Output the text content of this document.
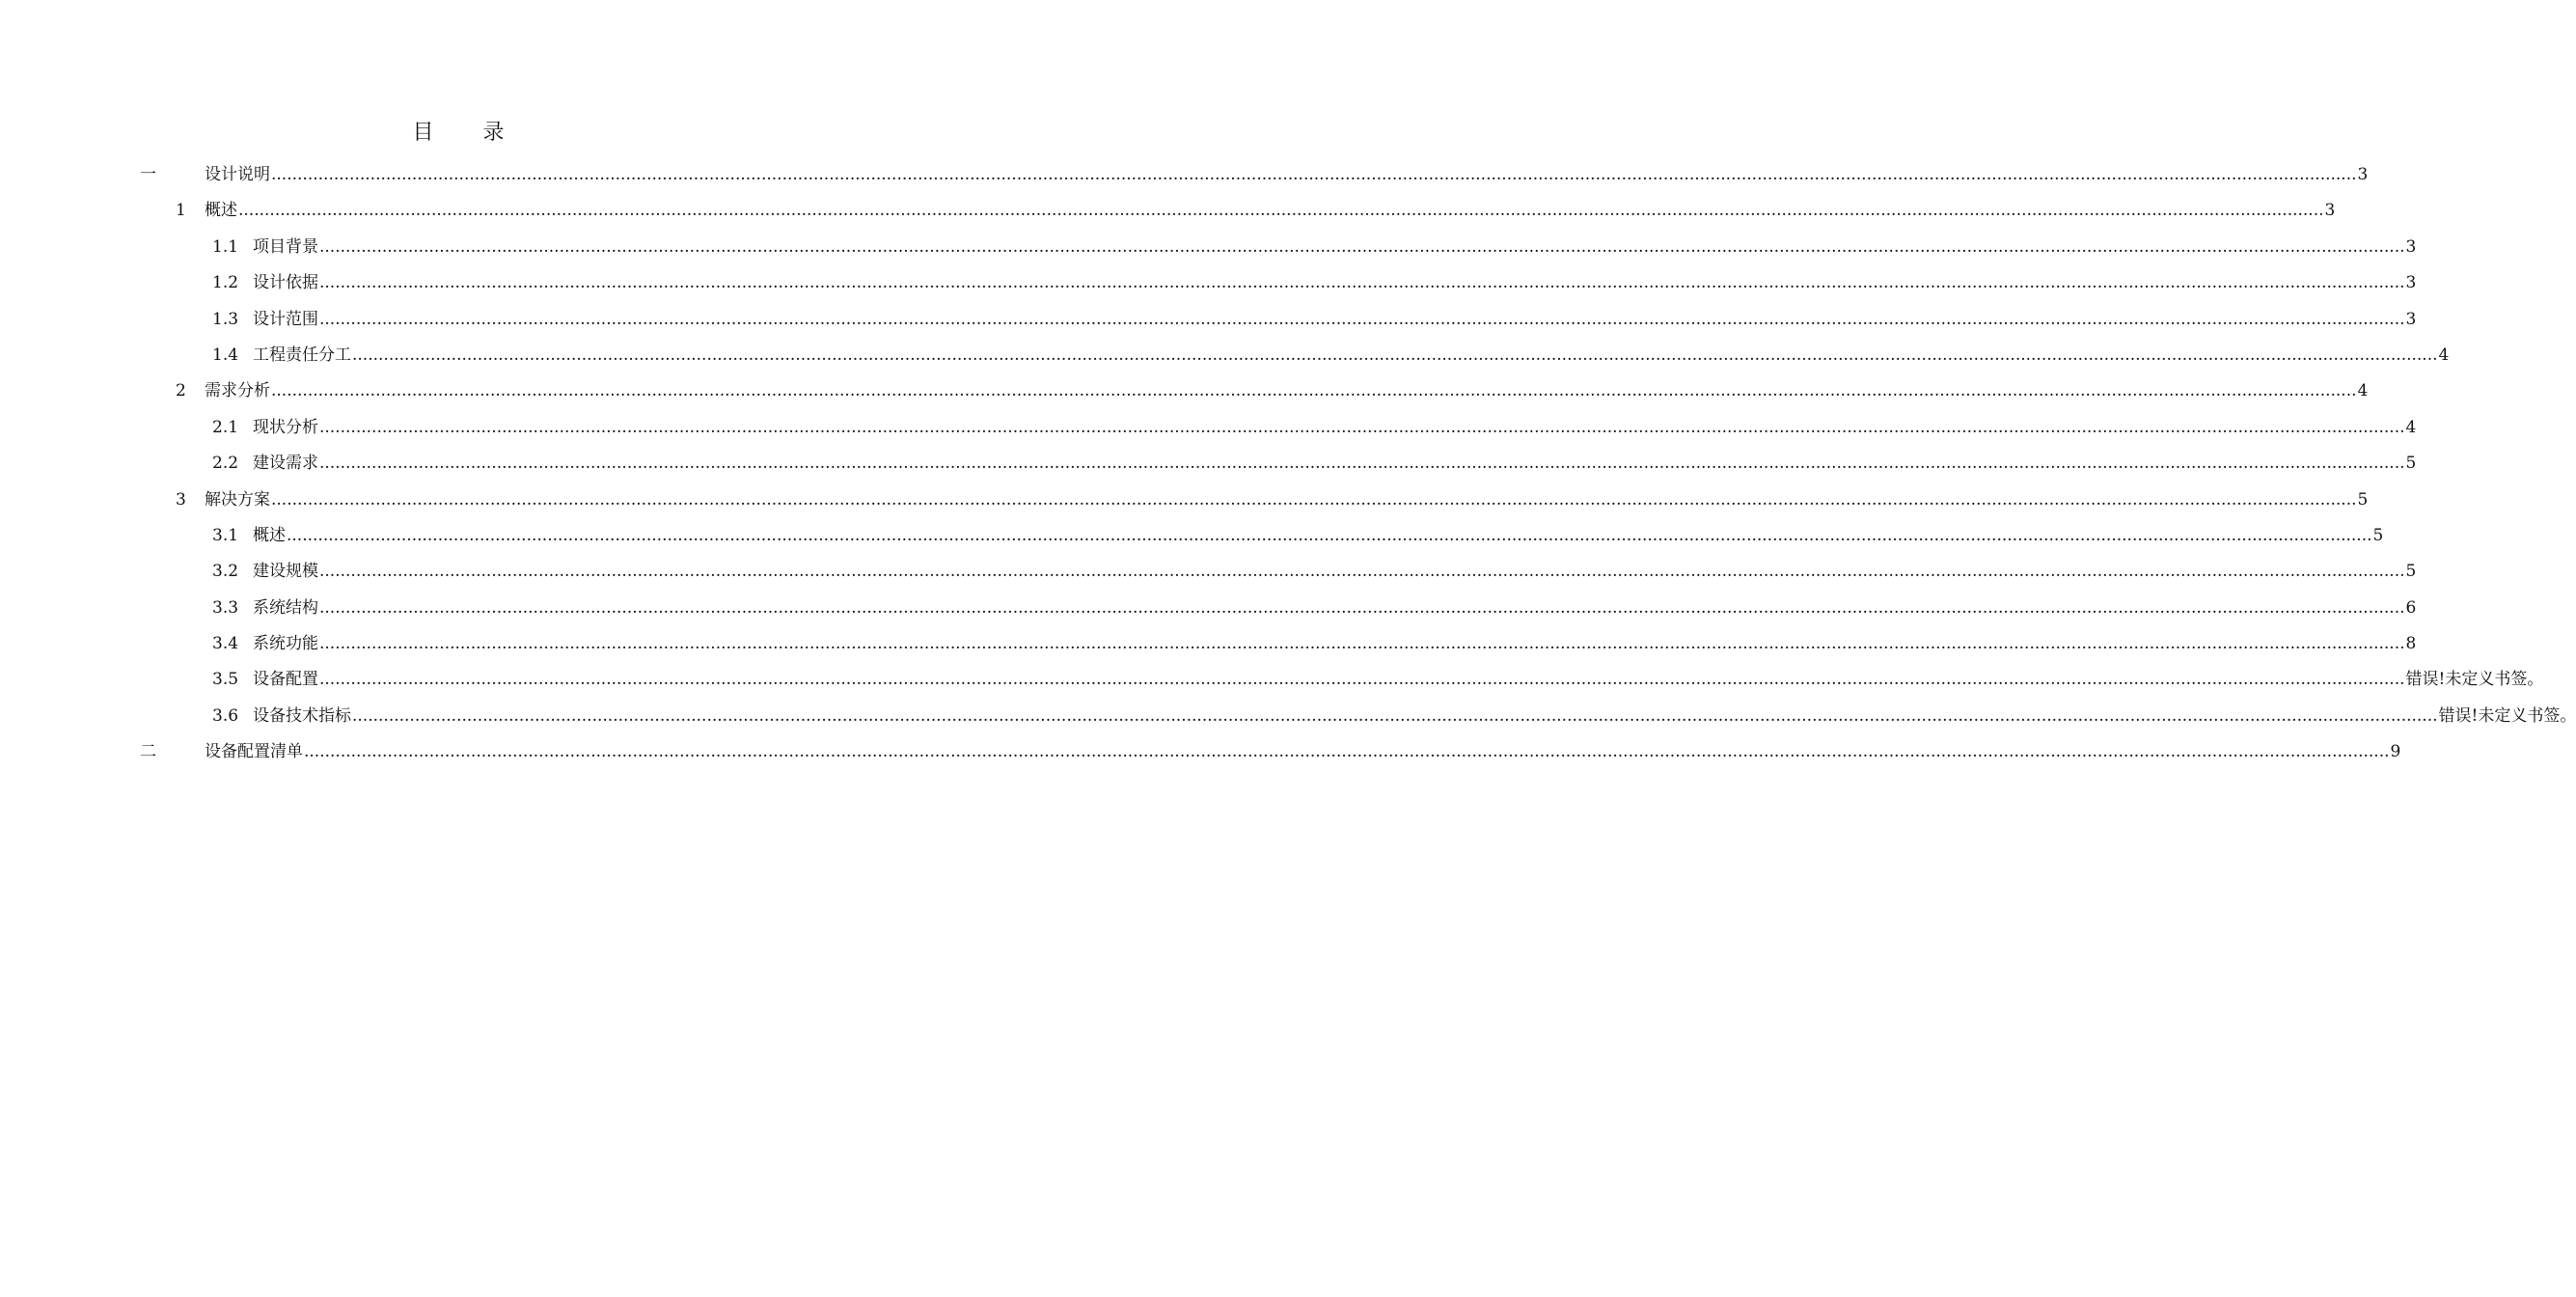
目 录
一	设计说明 ................................................................................................................................................................................................................................................................................................................................................................................................................ 3
1 概述 ................................................................................................................................................................................................................................................................................................................................................................................................................ 3
1.1 项目背景 ................................................................................................................................................................................................................................................................................................................................................................................................................ 3
1.2 设计依据 ................................................................................................................................................................................................................................................................................................................................................................................................................ 3
1.3 设计范围 ................................................................................................................................................................................................................................................................................................................................................................................................................ 3
1.4 工程责任分工 ................................................................................................................................................................................................................................................................................................................................................................................................................ 4
2 需求分析 ................................................................................................................................................................................................................................................................................................................................................................................................................ 4
2.1 现状分析 ................................................................................................................................................................................................................................................................................................................................................................................................................ 4
2.2 建设需求 ................................................................................................................................................................................................................................................................................................................................................................................................................ 5
3 解决方案 ................................................................................................................................................................................................................................................................................................................................................................................................................ 5
3.1 概述 ................................................................................................................................................................................................................................................................................................................................................................................................................ 5
3.2 建设规模 ................................................................................................................................................................................................................................................................................................................................................................................................................ 5
3.3 系统结构 ................................................................................................................................................................................................................................................................................................................................................................................................................ 6
3.4 系统功能 ................................................................................................................................................................................................................................................................................................................................................................................................................ 8
3.5 设备配置 ................................................................................................................................................................................................................................................................................................................................................................................................................ 错误!未定义书签。
3.6 设备技术指标 ................................................................................................................................................................................................................................................................................................................................................................................................................ 错误!未定义书签。
二	设备配置清单 ................................................................................................................................................................................................................................................................................................................................................................................................................ 9
